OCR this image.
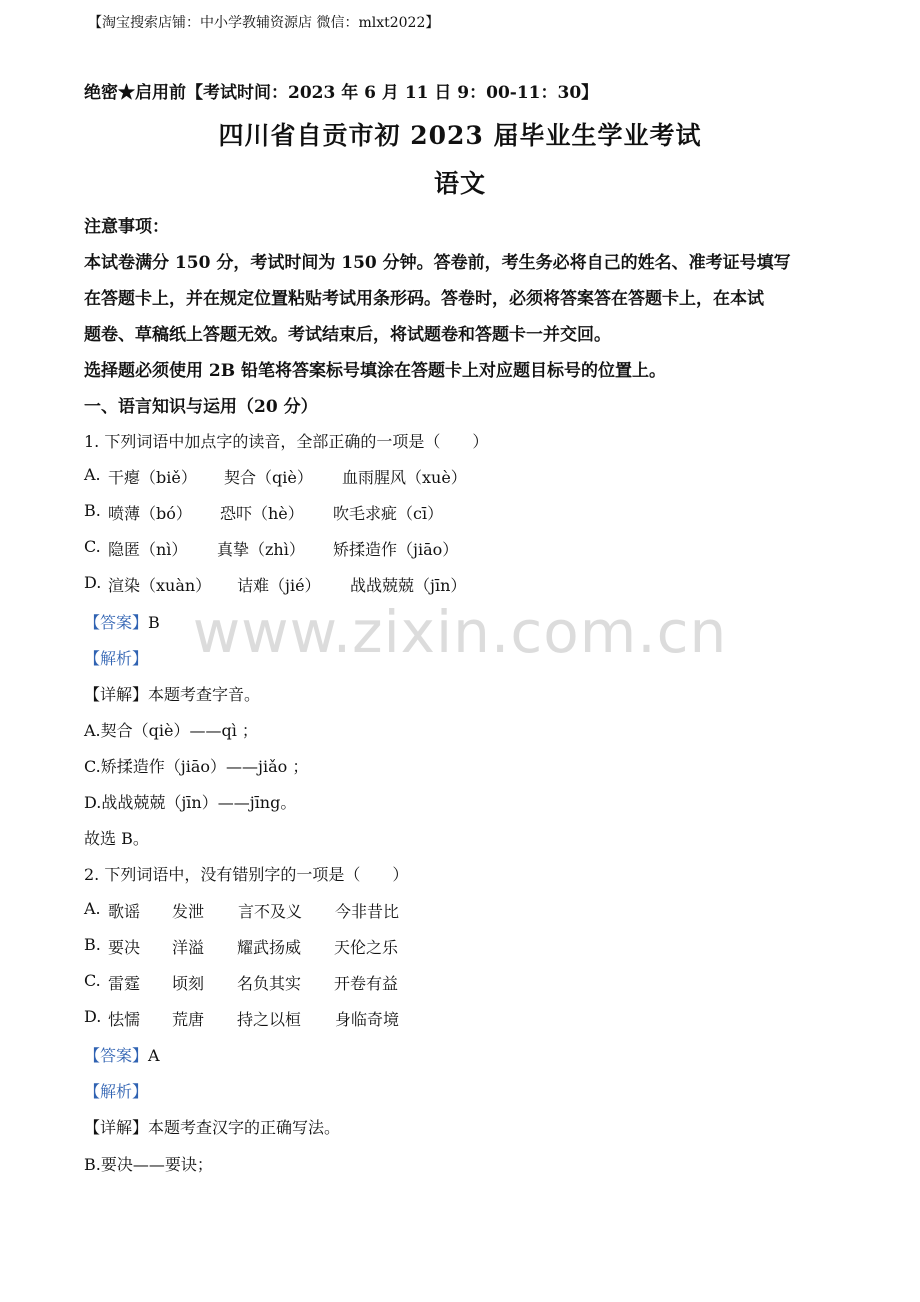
【淘宝搜索店铺：中小学教辅资源店 微信：mlxt2022】
绝密★启用前【考试时间：2023 年 6 月 11 日 9：00-11：30】
四川省自贡市初 2023 届毕业生学业考试
语文
注意事项：
本试卷满分 150 分，考试时间为 150 分钟。答卷前，考生务必将自己的姓名、准考证号填写
在答题卡上，并在规定位置粘贴考试用条形码。答卷时，必须将答案答在答题卡上，在本试
题卷、草稿纸上答题无效。考试结束后，将试题卷和答题卡一并交回。
选择题必须使用 2B 铅笔将答案标号填涂在答题卡上对应题目标号的位置上。
一、语言知识与运用（20 分）
1. 下列词语中加点字的读音，全部正确的一项是（　　）
A. 干瘪（biě） 契合（qiè） 血雨腥风（xuè）
B. 喷薄（bó） 恐吓（hè） 吹毛求疵（cī）
C. 隐匿（nì） 真挚（zhì） 矫揉造作（jiāo）
D. 渲染（xuàn） 诘难（jié） 战战兢兢（jīn）
【答案】B
【解析】
【详解】本题考查字音。
A.契合（qiè）——qì ；
C.矫揉造作（jiāo）——jiǎo ；
D.战战兢兢（jīn）——jīng。
故选 B。
2. 下列词语中，没有错别字的一项是（　　）
A. 歌谣 发泄 言不及义 今非昔比
B. 要决 洋溢 耀武扬威 天伦之乐
C. 雷霆 顷刻 名负其实 开卷有益
D. 怯懦 荒唐 持之以桓 身临奇境
【答案】A
【解析】
【详解】本题考查汉字的正确写法。
B.要决——要诀；
www.zixin.com.cn
